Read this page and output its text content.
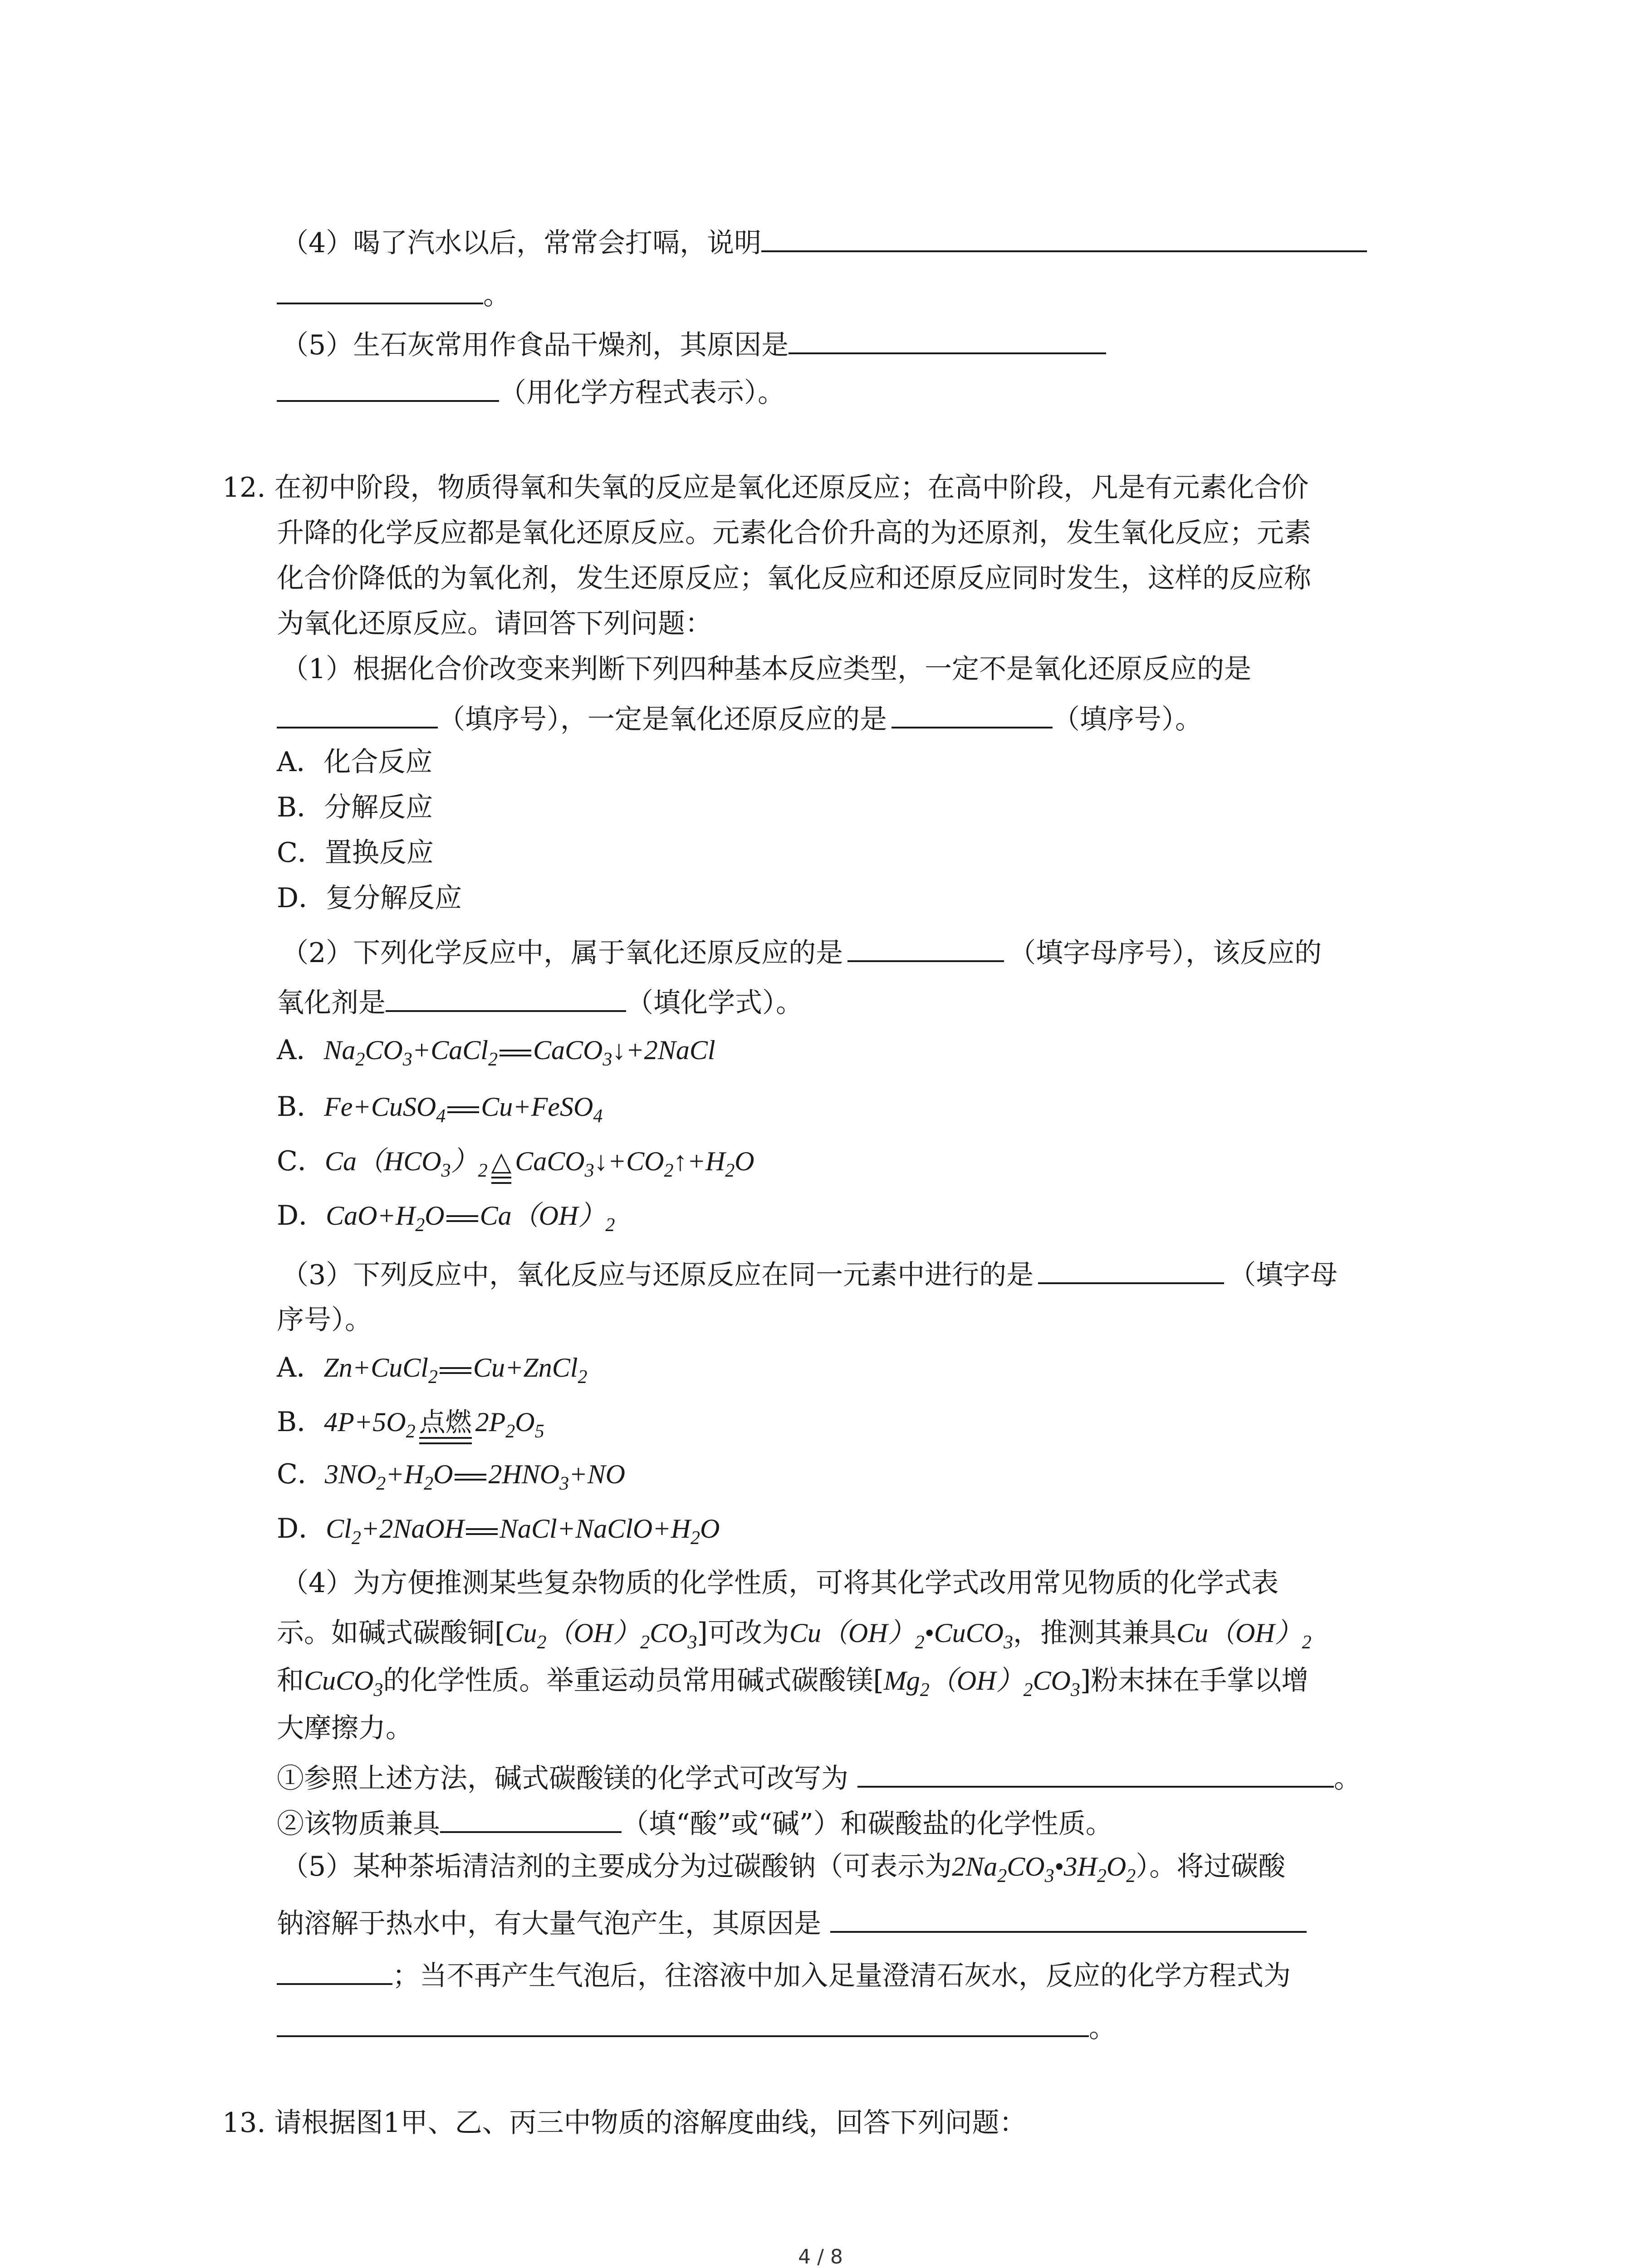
（4）喝了汽水以后，常常会打嗝，说明
。
（5）生石灰常用作食品干燥剂，其原因是
（用化学方程式表示）。
12. 在初中阶段，物质得氧和失氧的反应是氧化还原反应；在高中阶段，凡是有元素化合价
升降的化学反应都是氧化还原反应。元素化合价升高的为还原剂，发生氧化反应；元素
化合价降低的为氧化剂，发生还原反应；氧化反应和还原反应同时发生，这样的反应称
为氧化还原反应。请回答下列问题：
（1）根据化合价改变来判断下列四种基本反应类型，一定不是氧化还原反应的是
（填序号），一定是氧化还原反应的是	（填序号）。
A．化合反应
B．分解反应
C．置换反应
D．复分解反应
（2）下列化学反应中，属于氧化还原反应的是	（填字母序号），该反应的
氧化剂是	（填化学式）。
A．$Na_2CO_3+CaCl_2$ CaCO$_3$↓+2NaCl
B．Fe+CuSO$_4$ Cu+FeSO$_4$
C．$Ca(HCO_3)_2$ △ $CaCO_3↓+CO_2↑+H_2O$
D．$CaO+H_2O$ $Ca(OH)_2$
（3）下列反应中，氧化反应与还原反应在同一元素中进行的是	（填字母
序号）。
A．Zn+CuCl$_2$ Cu+ZnCl$_2$
B．$4P+5O_2$ 点燃 $2P_2O_5$
C．$3NO_2+H_2O$ $2HNO_3+NO$
D．$Cl_2+2NaOH$ $NaCl+NaClO+H_2O$
（4）为方便推测某些复杂物质的化学性质，可将其化学式改用常见物质的化学式表
示。如碱式碳酸铜$[Cu_2(OH)_2CO_3]$可改为$Cu(OH)_2•CuCO_3$，推测其兼具$Cu(OH)_2$
和CuCO$_3$的化学性质。举重运动员常用碱式碳酸镁$[Mg_2(OH)_2CO_3]$粉末抹在手掌以增
大摩擦力。
①参照上述方法，碱式碳酸镁的化学式可改写为	。
②该物质兼具	（填“酸”或“碱”）和碳酸盐的化学性质。
（5）某种茶垢清洁剂的主要成分为过碳酸钠（可表示为$2Na_2CO_3•3H_2O_2$）。将过碳酸
钠溶解于热水中，有大量气泡产生，其原因是
；当不再产生气泡后，往溶液中加入足量澄清石灰水，反应的化学方程式为
。
13. 请根据图1甲、乙、丙三中物质的溶解度曲线，回答下列问题：
4 / 8
